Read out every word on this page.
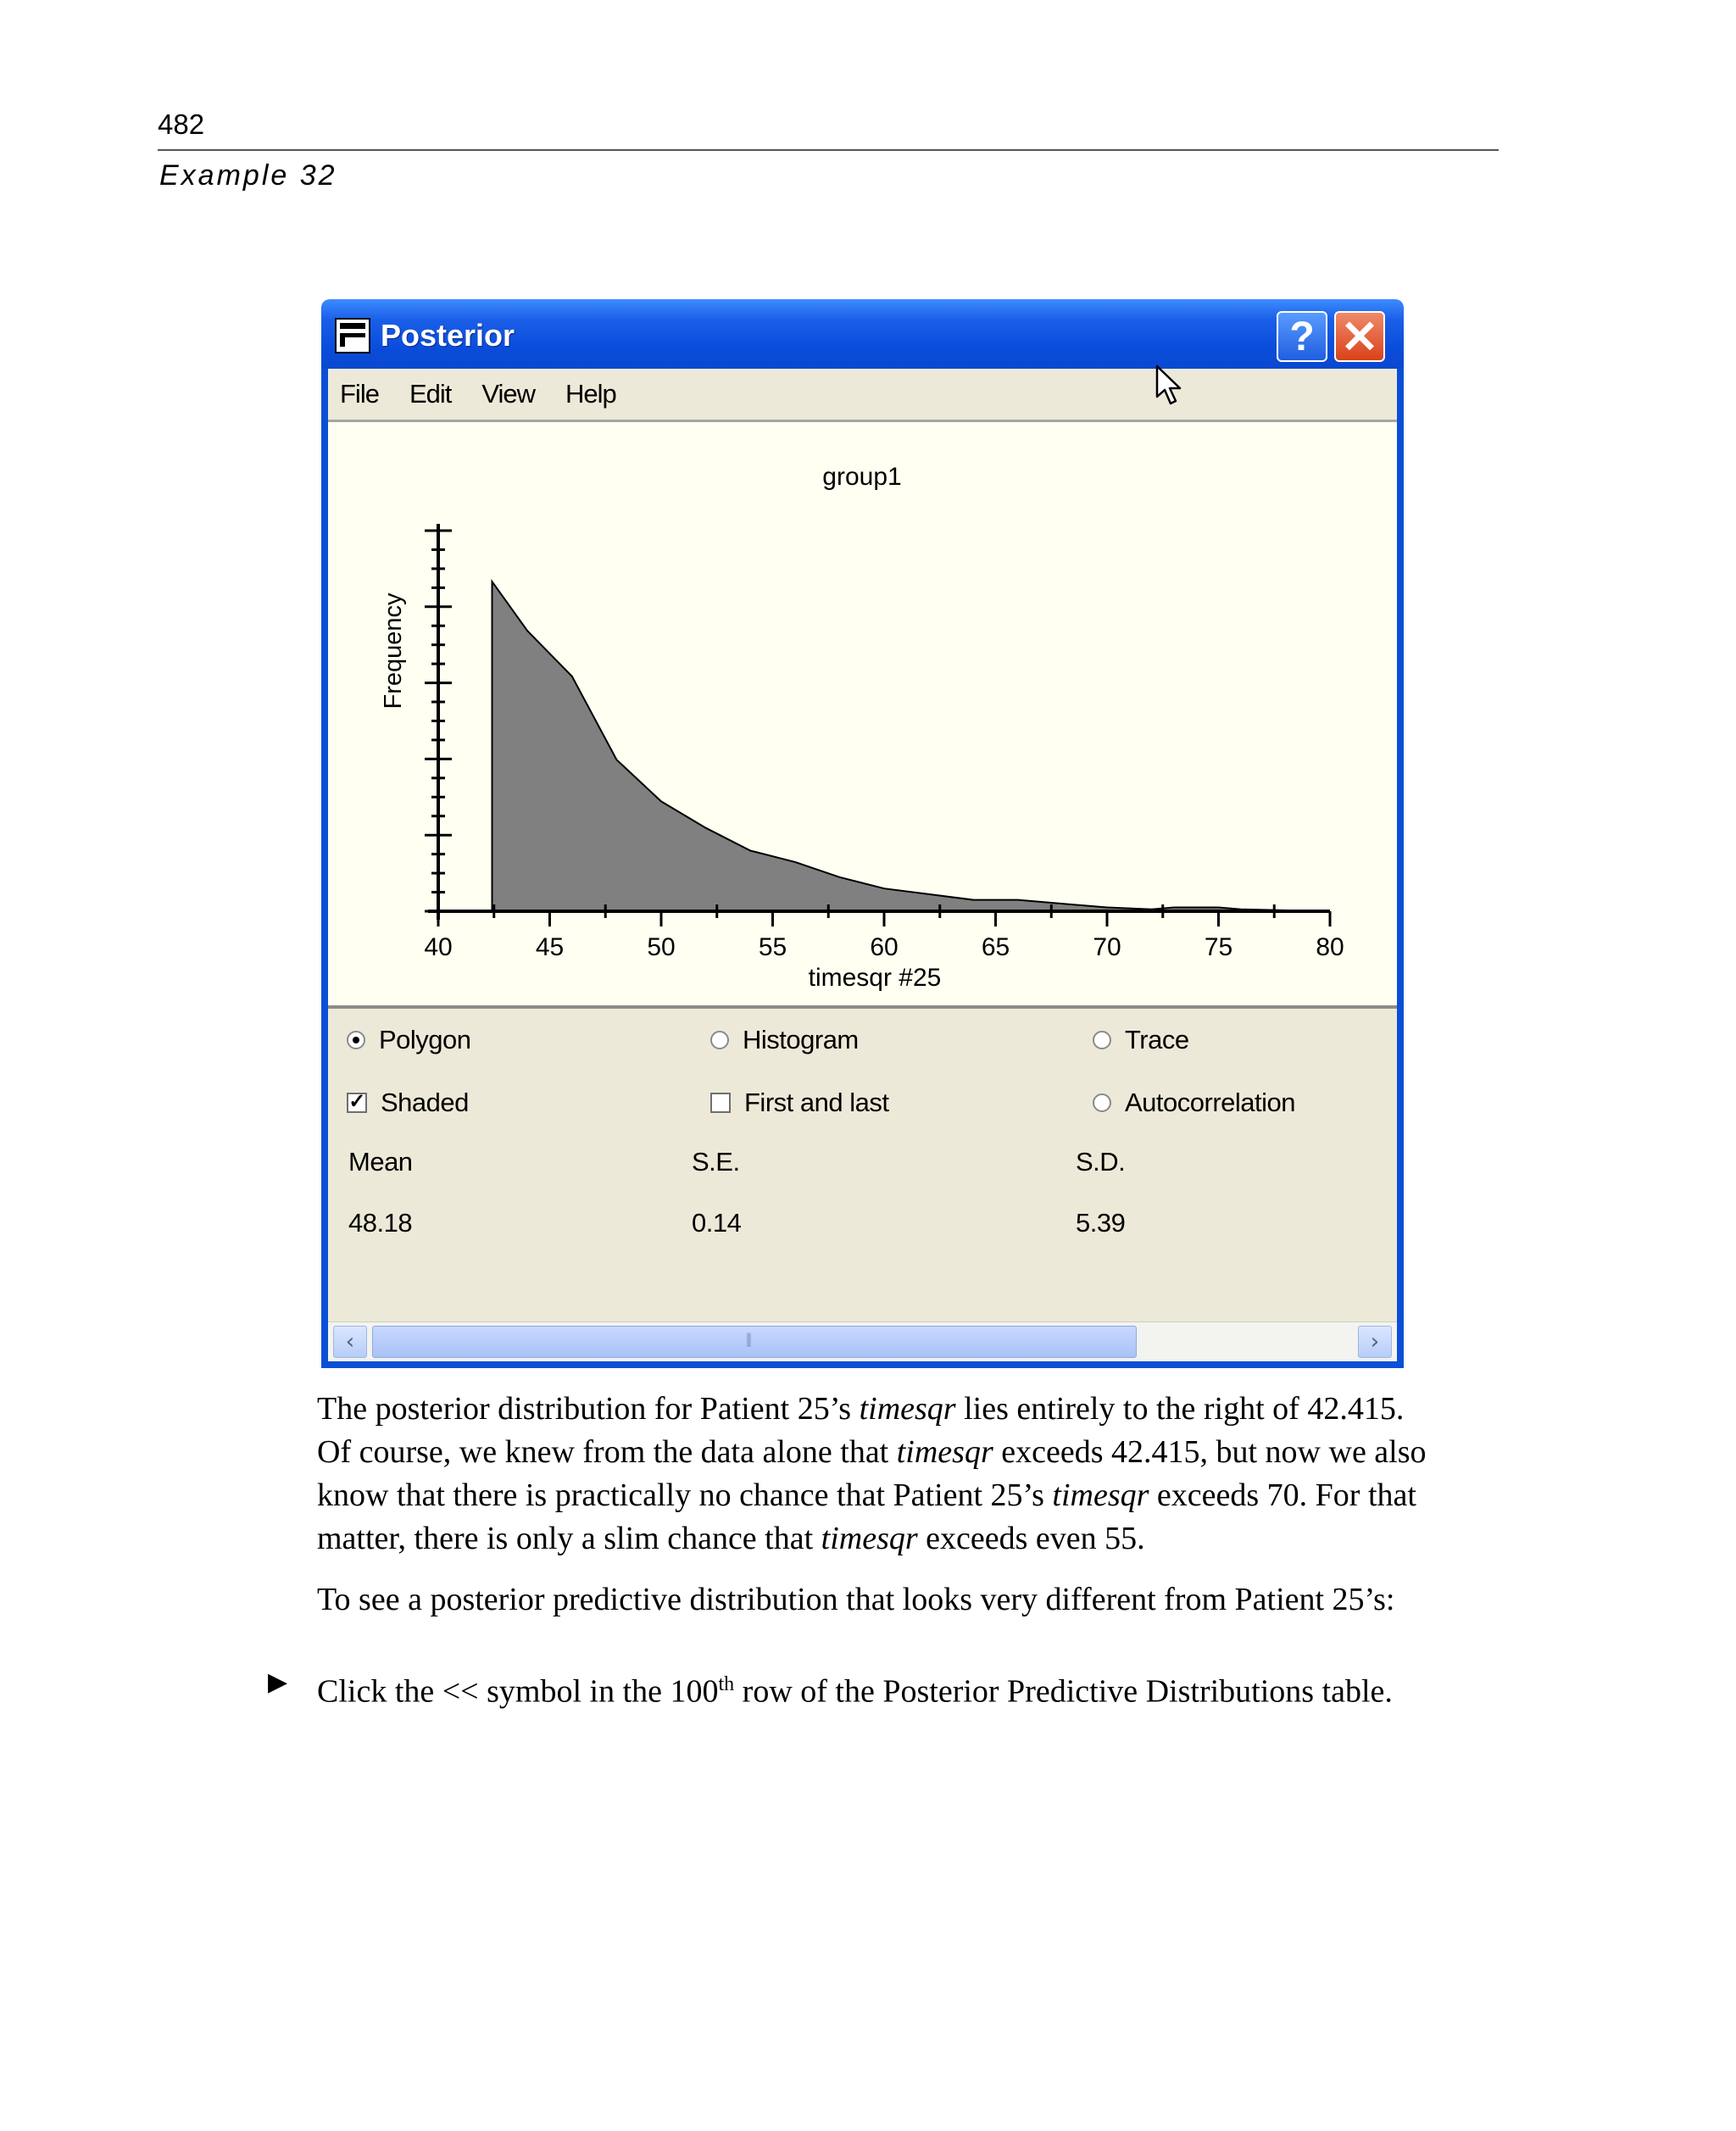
482
Example 32
Posterior	? ✕
File Edit View Help
group1
Frequency
timesqr #25
40	45	50	55	60	65	70	75	80
Polygon	Histogram	Trace
✓ Shaded	First and last	Autocorrelation
Mean	S.E.	S.D.
48.18	0.14	5.39
‹
|||	›
The posterior distribution for Patient 25’s timesqr lies entirely to the right of 42.415.
Of course, we knew from the data alone that timesqr exceeds 42.415, but now we also
know that there is practically no chance that Patient 25’s timesqr exceeds 70. For that
matter, there is only a slim chance that timesqr exceeds even 55.
To see a posterior predictive distribution that looks very different from Patient 25’s:
▶ Click the << symbol in the 100th row of the Posterior Predictive Distributions table.
